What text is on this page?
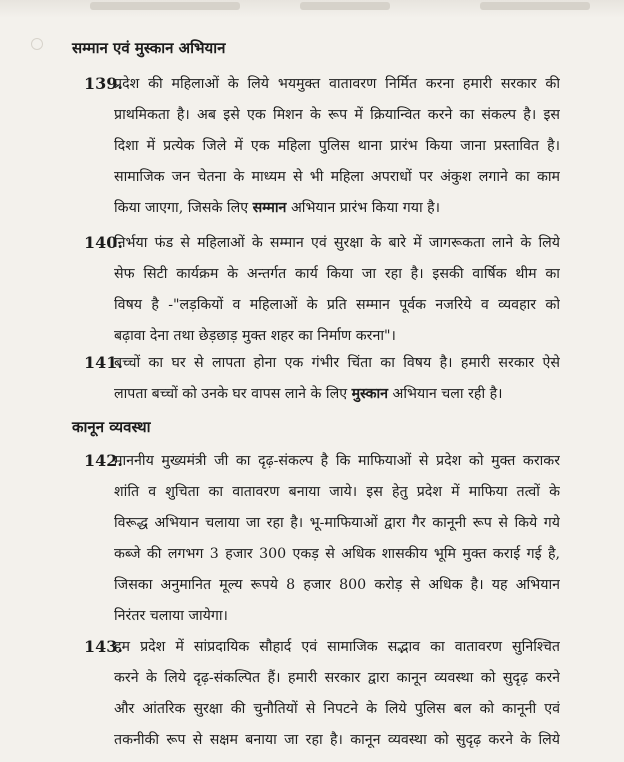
सम्मान एवं मुस्कान अभियान
139.
प्रदेश की महिलाओं के लिये भयमुक्त वातावरण निर्मित करना हमारी सरकार की
प्राथमिकता है। अब इसे एक मिशन के रूप में क्रियान्वित करने का संकल्प है। इस
दिशा में प्रत्येक जिले में एक महिला पुलिस थाना प्रारंभ किया जाना प्रस्तावित है।
सामाजिक जन चेतना के माध्यम से भी महिला अपराधों पर अंकुश लगाने का काम
किया जाएगा, जिसके लिए सम्मान अभियान प्रारंभ किया गया है।
140.
निर्भया फंड से महिलाओं के सम्मान एवं सुरक्षा के बारे में जागरूकता लाने के लिये
सेफ सिटी कार्यक्रम के अन्तर्गत कार्य किया जा रहा है। इसकी वार्षिक थीम का
विषय है -"लड़कियों व महिलाओं के प्रति सम्मान पूर्वक नजरिये व व्यवहार को
बढ़ावा देना तथा छेड़छाड़ मुक्त शहर का निर्माण करना"।
141.
बच्चों का घर से लापता होना एक गंभीर चिंता का विषय है। हमारी सरकार ऐसे
लापता बच्चों को उनके घर वापस लाने के लिए मुस्कान अभियान चला रही है।
कानून व्यवस्था
142.
माननीय मुख्यमंत्री जी का दृढ़-संकल्प है कि माफियाओं से प्रदेश को मुक्त कराकर
शांति व शुचिता का वातावरण बनाया जाये। इस हेतु प्रदेश में माफिया तत्वों के
विरूद्ध अभियान चलाया जा रहा है। भू-माफियाओं द्वारा गैर कानूनी रूप से किये गये
कब्जे की लगभग 3 हजार 300 एकड़ से अधिक शासकीय भूमि मुक्त कराई गई है,
जिसका अनुमानित मूल्य रूपये 8 हजार 800 करोड़ से अधिक है। यह अभियान
निरंतर चलाया जायेगा।
143.
हम प्रदेश में सांप्रदायिक सौहार्द एवं सामाजिक सद्भाव का वातावरण सुनिश्चित
करने के लिये दृढ़-संकल्पित हैं। हमारी सरकार द्वारा कानून व्यवस्था को सुदृढ़ करने
और आंतरिक सुरक्षा की चुनौतियों से निपटने के लिये पुलिस बल को कानूनी एवं
तकनीकी रूप से सक्षम बनाया जा रहा है। कानून व्यवस्था को सुदृढ़ करने के लिये
